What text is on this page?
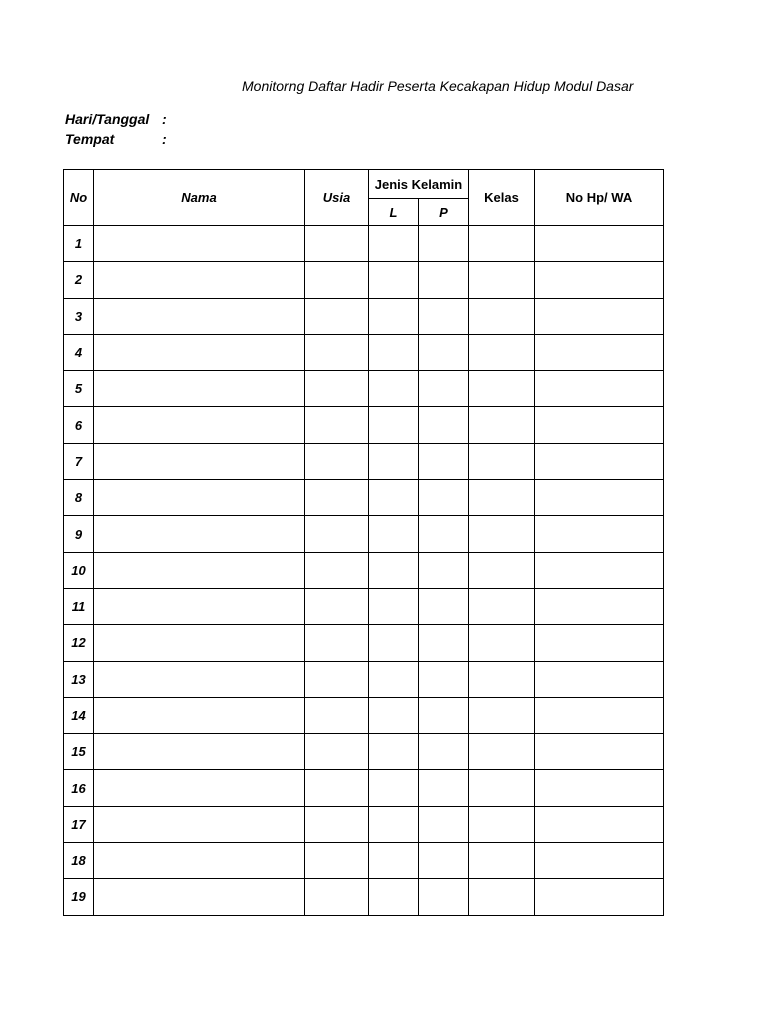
Monitorng Daftar Hadir Peserta Kecakapan Hidup Modul Dasar
Hari/Tanggal :
Tempat	:
No	Nama	Usia	Jenis Kelamin		Kelas	No Hp/ WA
			L	P		
1						
2						
3						
4						
5						
6						
7						
8						
9						
10						
11						
12						
13						
14						
15						
16						
17						
18						
19						
